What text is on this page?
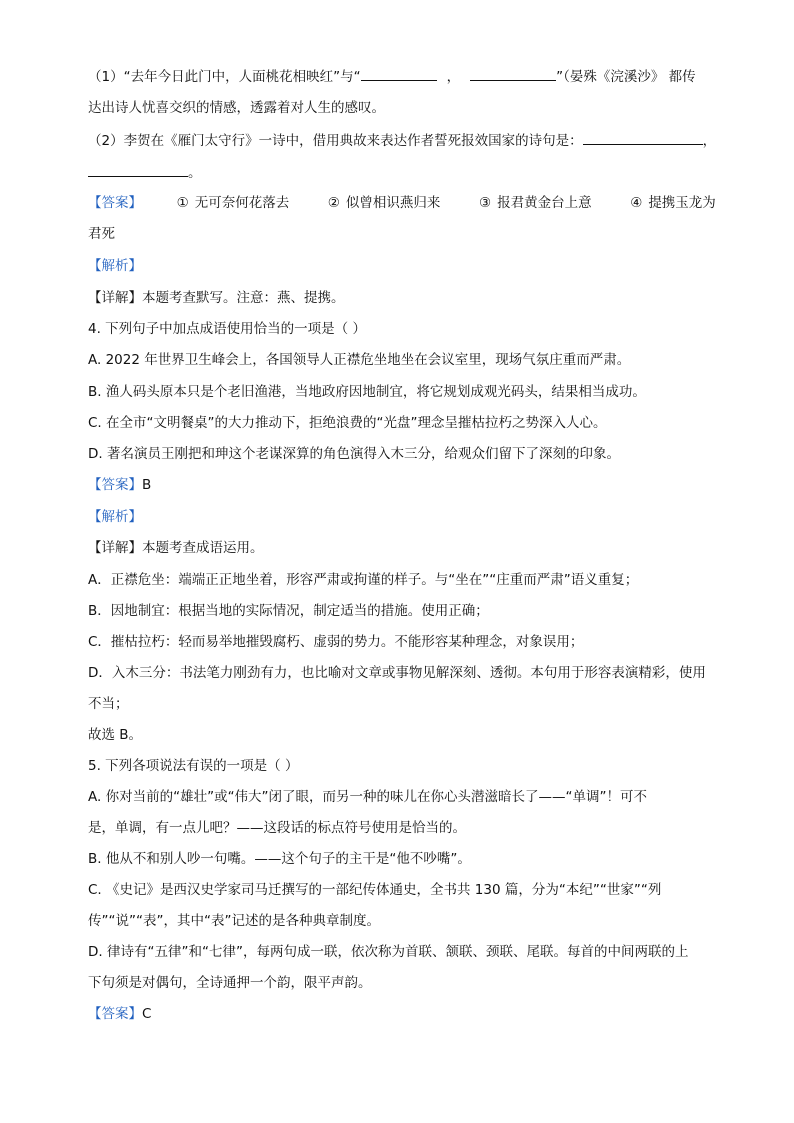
（1）“去年今日此门中，人面桃花相映红”与“	，	”（晏殊《浣溪沙》 都传
达出诗人忧喜交织的情感，透露着对人生的感叹。
（2）李贺在《雁门太守行》一诗中，借用典故来表达作者誓死报效国家的诗句是：	，
。
【答案】	① 无可奈何花落去	② 似曾相识燕归来	③ 报君黄金台上意	④ 提携玉龙为
君死
【解析】
【详解】本题考查默写。注意：燕、提携。
4. 下列句子中加点成语使用恰当的一项是（ ）
A. 2022 年世界卫生峰会上，各国领导人正襟危坐地坐在会议室里，现场气氛庄重而严肃。
B. 渔人码头原本只是个老旧渔港，当地政府因地制宜，将它规划成观光码头，结果相当成功。
C. 在全市“文明餐桌”的大力推动下，拒绝浪费的“光盘”理念呈摧枯拉朽之势深入人心。
D. 著名演员王刚把和珅这个老谋深算的角色演得入木三分，给观众们留下了深刻的印象。
【答案】B
【解析】
【详解】本题考查成语运用。
A．正襟危坐：端端正正地坐着，形容严肃或拘谨的样子。与“坐在”“庄重而严肃”语义重复；
B．因地制宜：根据当地的实际情况，制定适当的措施。使用正确；
C．摧枯拉朽：轻而易举地摧毁腐朽、虚弱的势力。不能形容某种理念，对象误用；
D．入木三分：书法笔力刚劲有力，也比喻对文章或事物见解深刻、透彻。本句用于形容表演精彩，使用
不当；
故选 B。
5. 下列各项说法有误的一项是（ ）
A. 你对当前的“雄壮”或“伟大”闭了眼，而另一种的味儿在你心头潜滋暗长了——“单调”！可不
是，单调，有一点儿吧？——这段话的标点符号使用是恰当的。
B. 他从不和别人吵一句嘴。——这个句子的主干是“他不吵嘴”。
C. 《史记》是西汉史学家司马迁撰写的一部纪传体通史，全书共 130 篇，分为“本纪”“世家”“列
传”“说”“表”，其中“表”记述的是各种典章制度。
D. 律诗有“五律”和“七律”，每两句成一联，依次称为首联、颔联、颈联、尾联。每首的中间两联的上
下句须是对偶句，全诗通押一个韵，限平声韵。
【答案】C
